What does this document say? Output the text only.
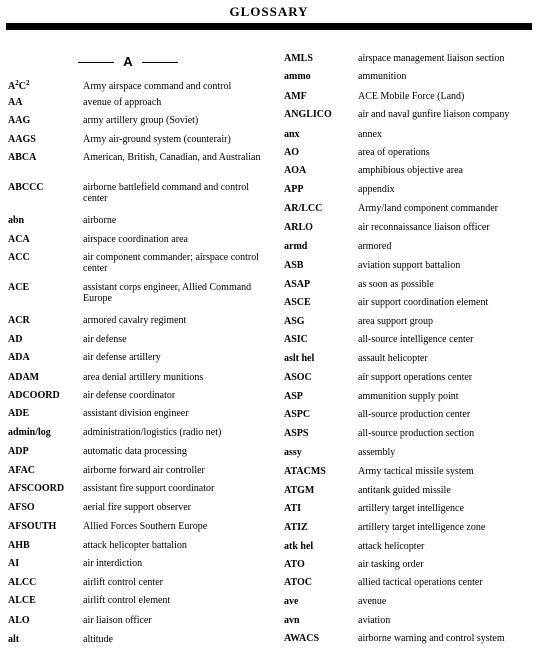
GLOSSARY
A
$A^2C^2$	Army airspace command and control
AA	avenue of approach
AAG	army artillery group (Soviet)
AAGS	Army air-ground system (counterair)
ABCA	American, British, Canadian, and Australian
ABCCC	airborne battlefield command and control center
abn	airborne
ACA	airspace coordination area
ACC	air component commander; airspace control center
ACE	assistant corps engineer, Allied Command Europe
ACR	armored cavalry regiment
AD	air defense
ADA	air defense artillery
ADAM	area denial artillery munitions
ADCOORD air defense coordinator
ADE	assistant division engineer
admin/log	administration/logistics (radio net)
ADP	automatic data processing
AFAC	airborne forward air controller
AFSCOORD assistant fire support coordinator
AFSO	aerial fire support observer
AFSOUTH	Allied Forces Southern Europe
AHB	attack helicopter battalion
AI	air interdiction
ALCC	airlift control center
ALCE	airlift control element
ALO	air liaison officer
alt	altitude
AMLS	airspace management liaison section
ammo	ammunition
AMF	ACE Mobile Force (Land)
ANGLICO	air and naval gunfire liaison company
anx	annex
AO	area of operations
AOA	amphibious objective area
APP	appendix
AR/LCC	Army/land component commander
ARLO	air reconnaissance liaison officer
armd	armored
ASB	aviation support battalion
ASAP	as soon as possible
ASCE	air support coordination element
ASG	area support group
ASIC	all-source intelligence center
aslt hel	assault helicopter
ASOC	air support operations center
ASP	ammunition supply point
ASPC	all-source production center
ASPS	all-source production section
assy	assembly
ATACMS	Army tactical missile system
ATGM	antitank guided missile
ATI	artillery target intelligence
ATIZ	artillery target intelligence zone
atk hel	attack helicopter
ATO	air tasking order
ATOC	allied tactical operations center
ave	avenue
avn	aviation
AWACS	airborne warning and control system
